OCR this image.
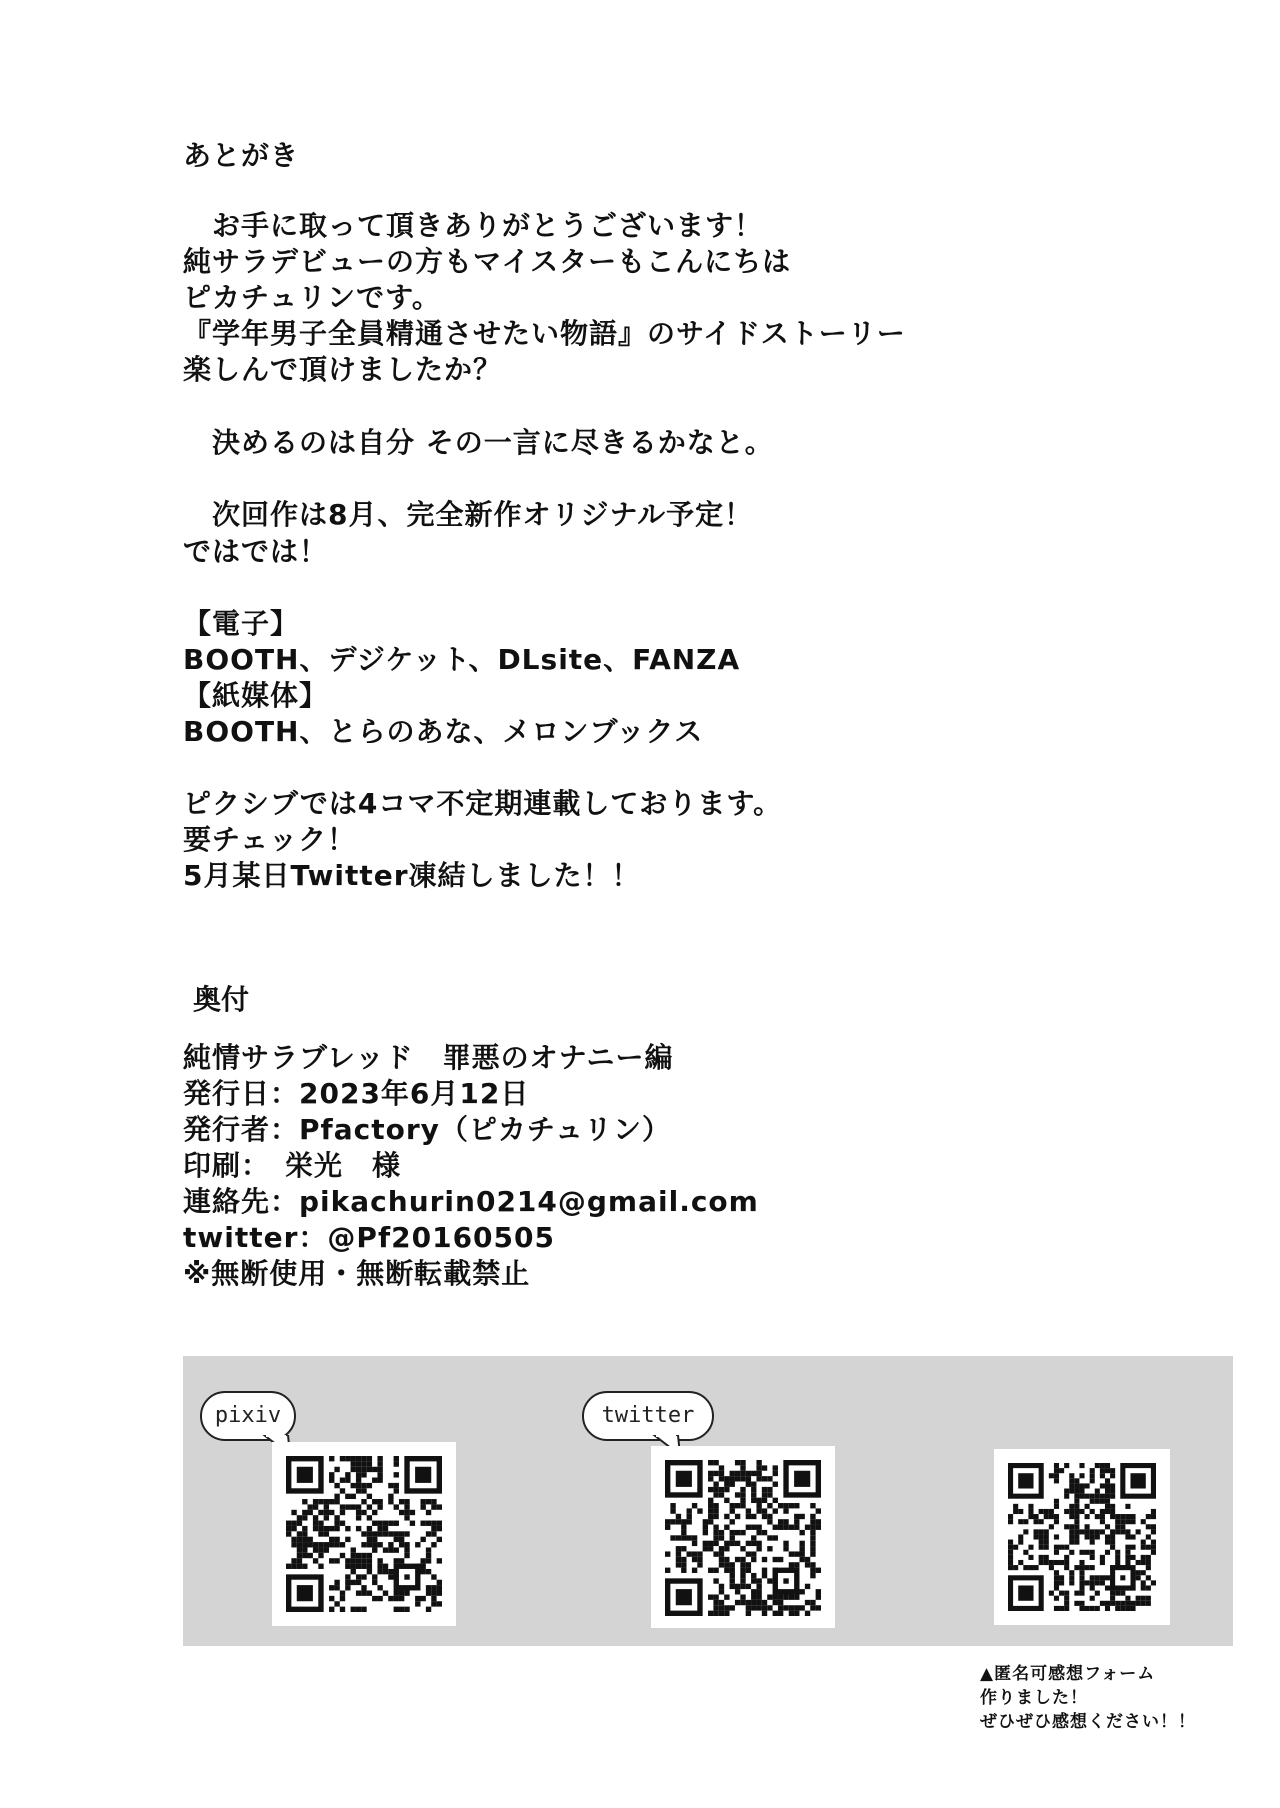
あとがき
　お手に取って頂きありがとうございます！
純サラデビューの方もマイスターもこんにちは
ピカチュリンです。
『学年男子全員精通させたい物語』のサイドストーリー
楽しんで頂けましたか？
　決めるのは自分 その一言に尽きるかなと。
　次回作は8月、完全新作オリジナル予定！
ではでは！
【電子】
BOOTH、デジケット、DLsite、FANZA
【紙媒体】
BOOTH、とらのあな、メロンブックス
ピクシブでは4コマ不定期連載しております。
要チェック！
5月某日Twitter凍結しました！！
奥付
純情サラブレッド　罪悪のオナニー編
発行日：2023年6月12日
発行者：Pfactory（ピカチュリン）
印刷：　栄光　様
連絡先：pikachurin0214@gmail.com
twitter：@Pf20160505
※無断使用・無断転載禁止
pixiv	twitter
▲匿名可感想フォーム
作りました！
ぜひぜひ感想ください！！
